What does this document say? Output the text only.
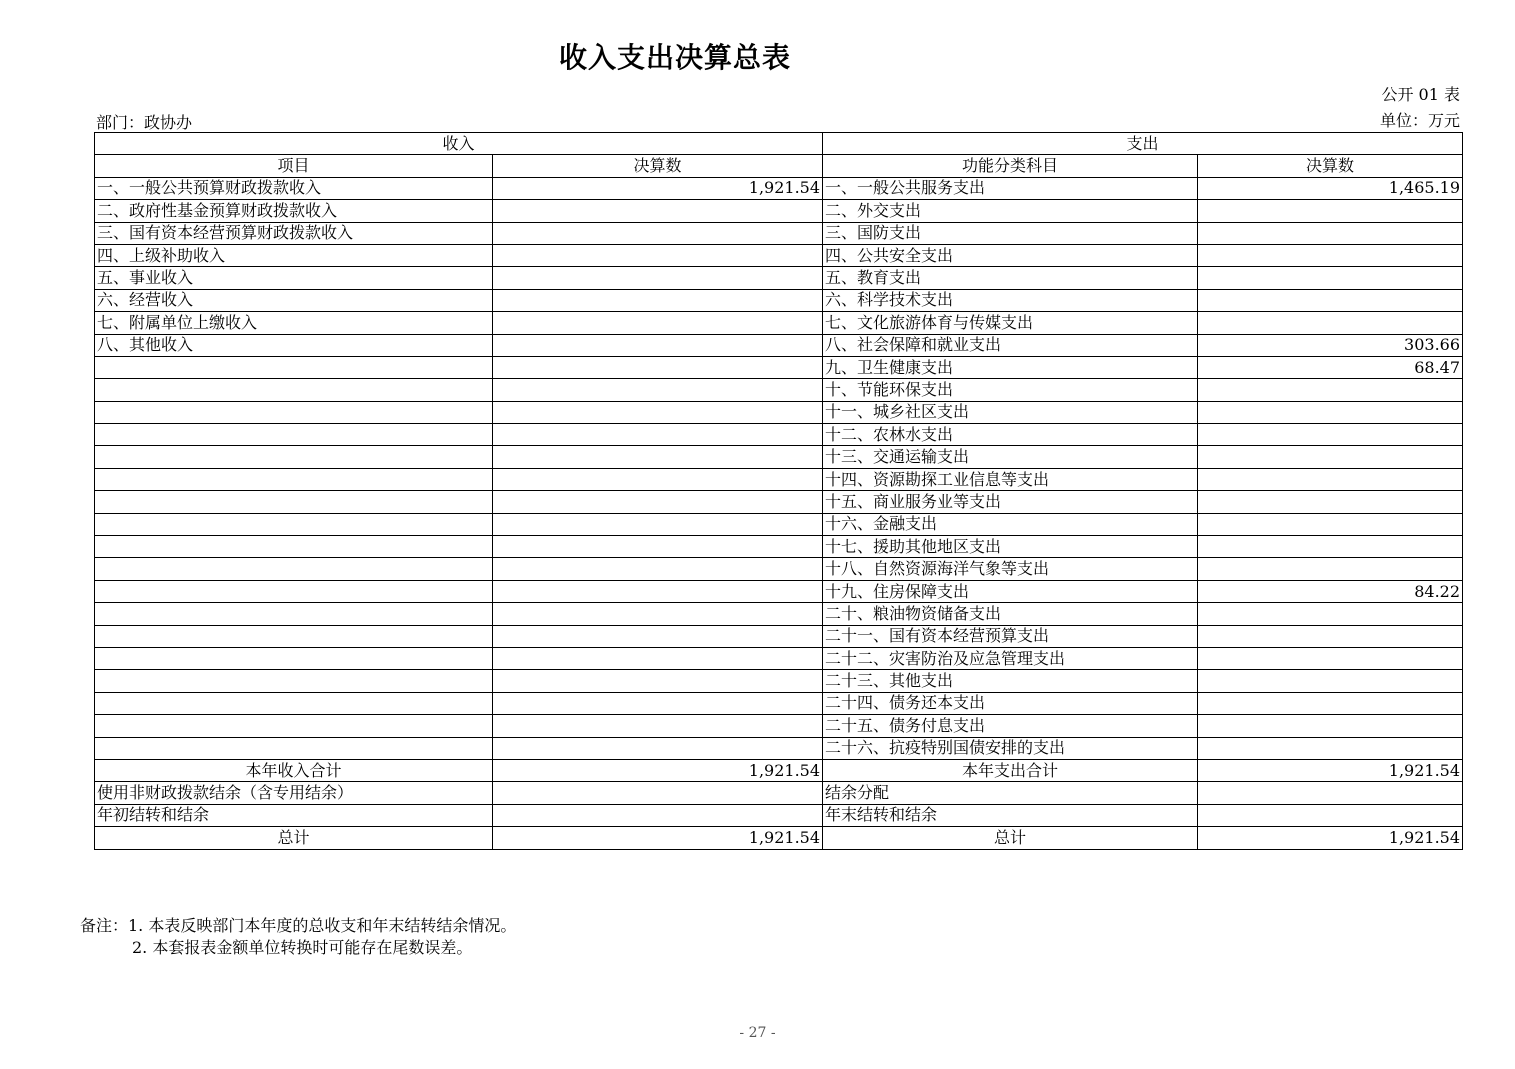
收入支出决算总表
公开 01 表
部门：政协办	单位：万元
收入		支出	
项目	决算数	功能分类科目	决算数
一、一般公共预算财政拨款收入	1,921.54	一、一般公共服务支出	1,465.19
二、政府性基金预算财政拨款收入		二、外交支出	
三、国有资本经营预算财政拨款收入		三、国防支出	
四、上级补助收入		四、公共安全支出	
五、事业收入		五、教育支出	
六、经营收入		六、科学技术支出	
七、附属单位上缴收入		七、文化旅游体育与传媒支出	
八、其他收入		八、社会保障和就业支出	303.66
		九、卫生健康支出	68.47
		十、节能环保支出	
		十一、城乡社区支出	
		十二、农林水支出	
		十三、交通运输支出	
		十四、资源勘探工业信息等支出	
		十五、商业服务业等支出	
		十六、金融支出	
		十七、援助其他地区支出	
		十八、自然资源海洋气象等支出	
		十九、住房保障支出	84.22
		二十、粮油物资储备支出	
		二十一、国有资本经营预算支出	
		二十二、灾害防治及应急管理支出	
		二十三、其他支出	
		二十四、债务还本支出	
		二十五、债务付息支出	
		二十六、抗疫特别国债安排的支出	
本年收入合计	1,921.54	本年支出合计	1,921.54
使用非财政拨款结余（含专用结余）		结余分配	
年初结转和结余		年末结转和结余	
总计	1,921.54	总计	1,921.54
备注：1. 本表反映部门本年度的总收支和年末结转结余情况。
2. 本套报表金额单位转换时可能存在尾数误差。
- 27 -
